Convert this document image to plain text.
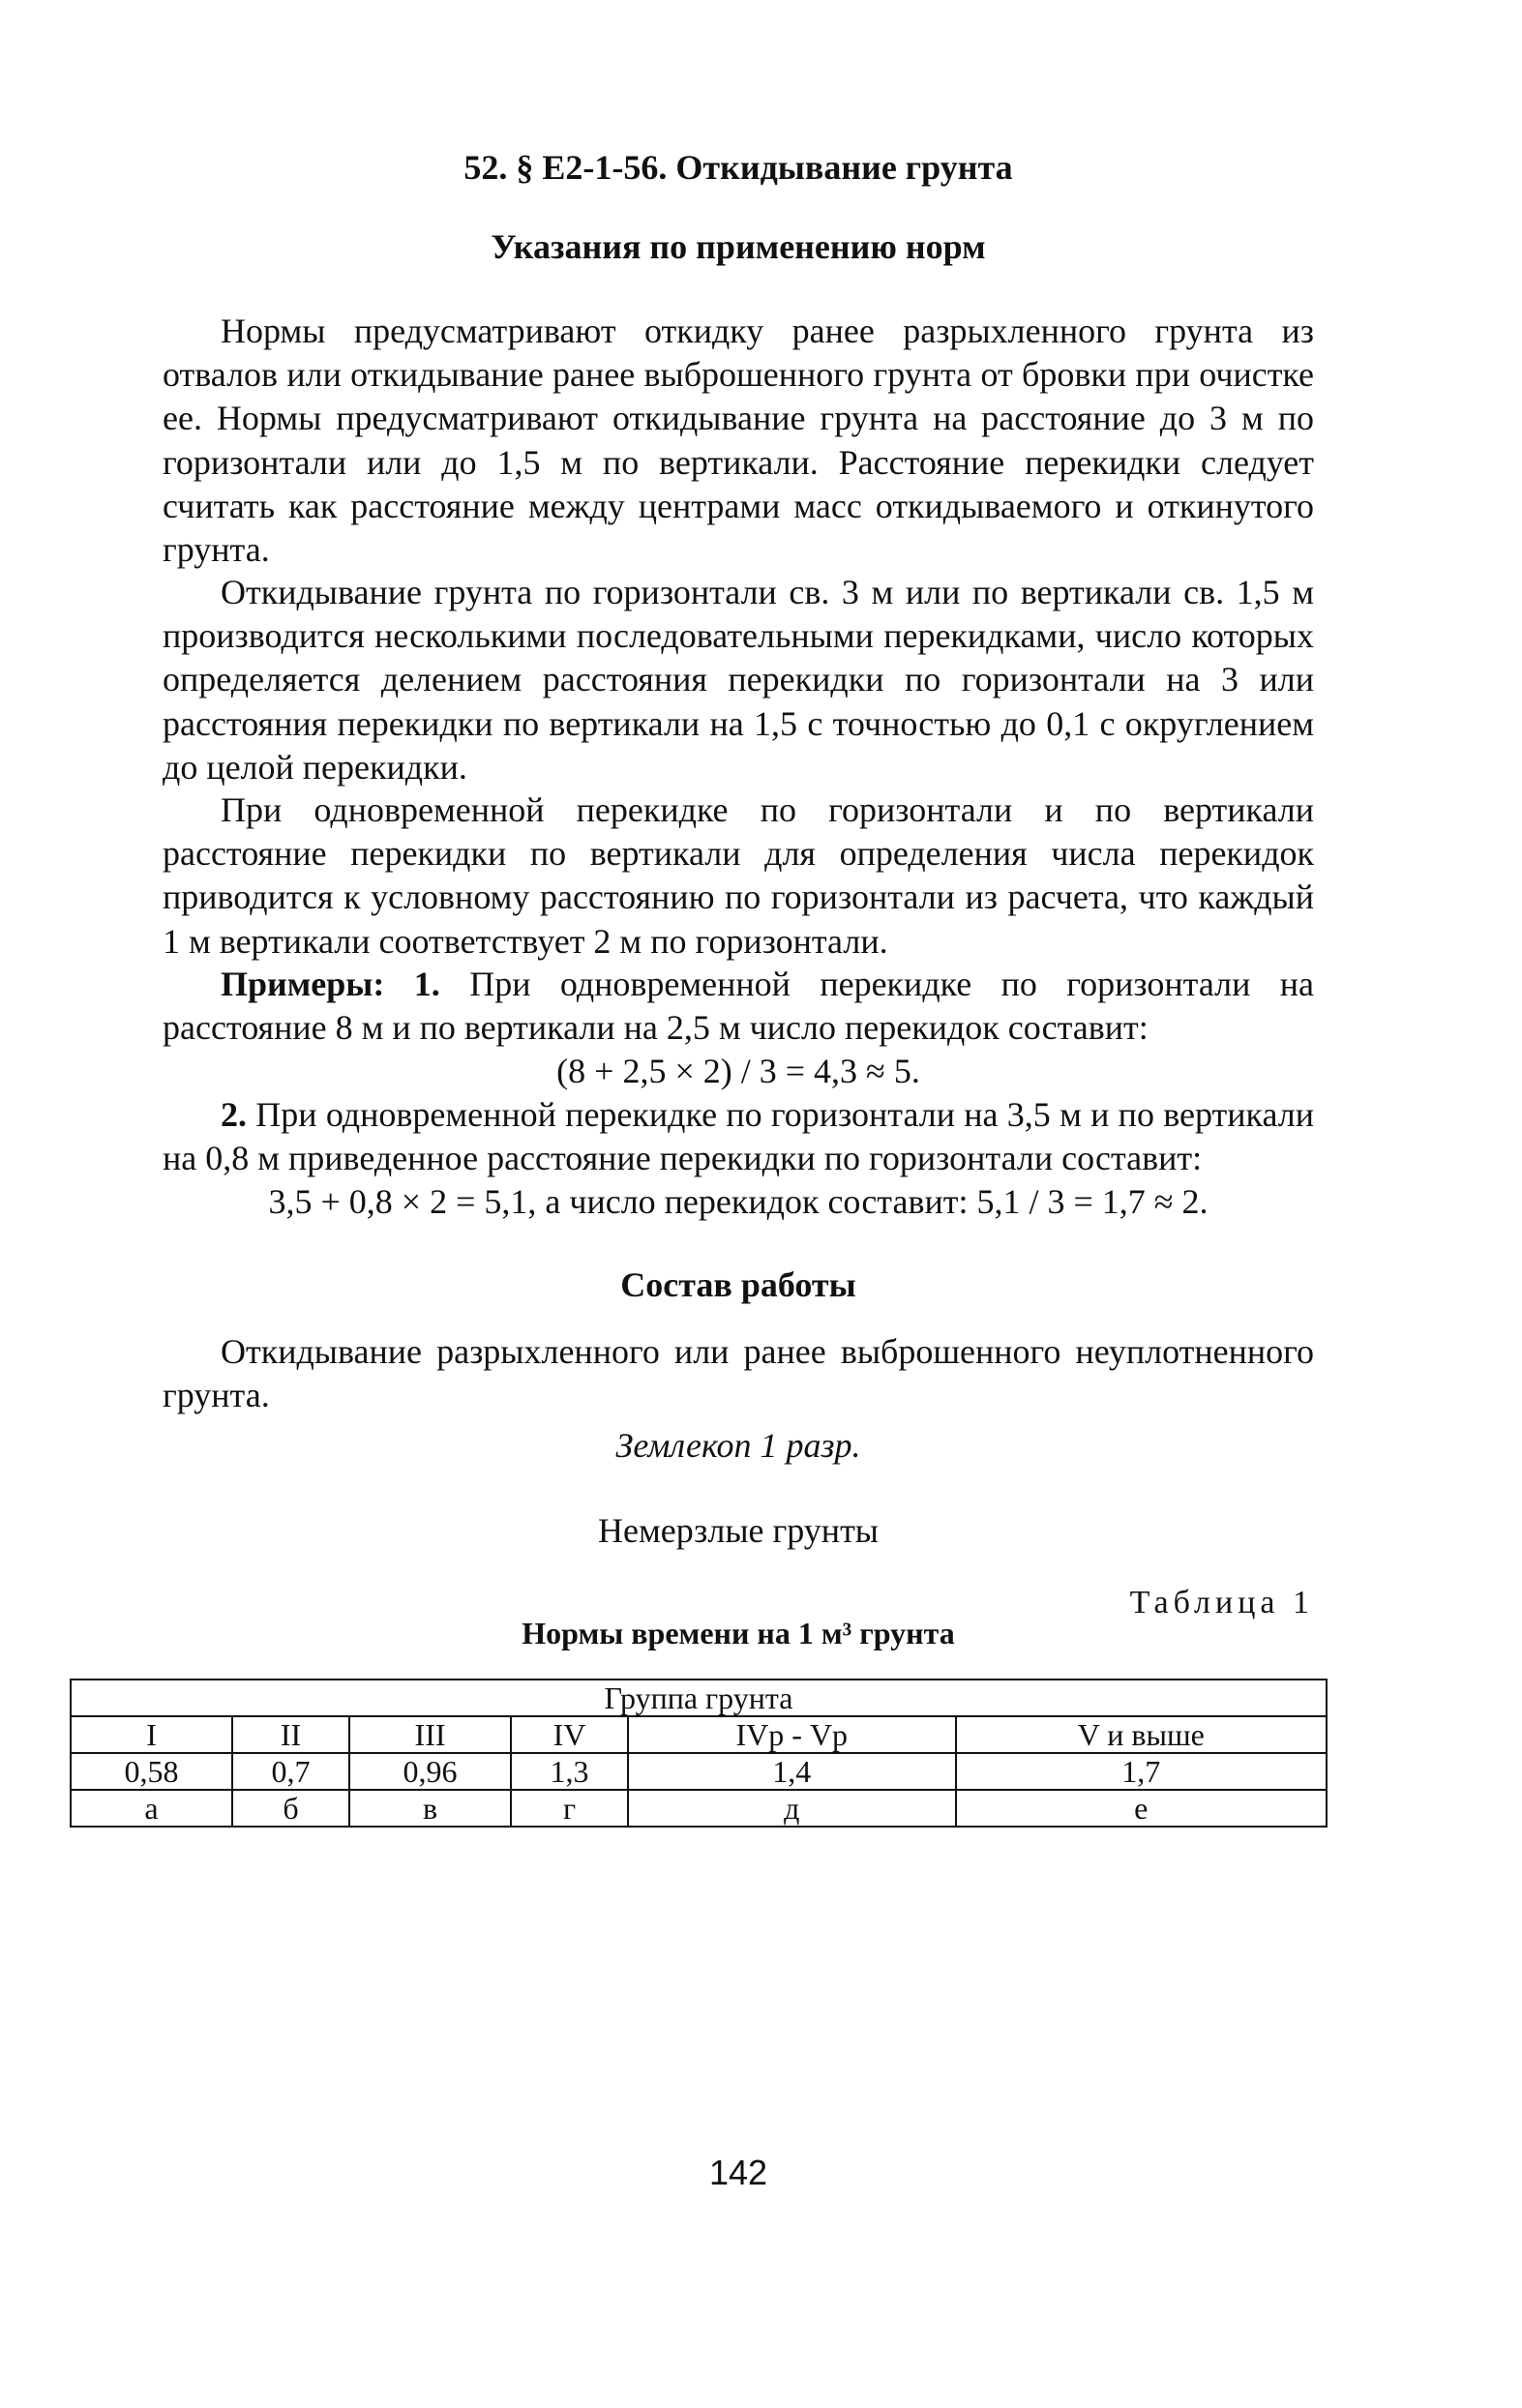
52. § Е2-1-56. Откидывание грунта
Указания по применению норм

Нормы предусматривают откидку ранее разрыхленного грунта из отвалов или откидывание ранее выброшенного грунта от бровки при очистке ее. Нормы предусматривают откидывание грунта на расстояние до 3 м по горизонтали или до 1,5 м по вертикали. Расстояние перекидки следует считать как расстояние между центрами масс откидываемого и откинутого грунта.

Откидывание грунта по горизонтали св. 3 м или по вертикали св. 1,5 м производится несколькими последовательными перекидками, число которых определяется делением расстояния перекидки по горизонтали на 3 или расстояния перекидки по вертикали на 1,5 с точностью до 0,1 с округлением до целой перекидки.

При одновременной перекидке по горизонтали и по вертикали расстояние перекидки по вертикали для определения числа перекидок приводится к условному расстоянию по горизонтали из расчета, что каждый 1 м вертикали соответствует 2 м по горизонтали.

Примеры: 1. При одновременной перекидке по горизонтали на расстояние 8 м и по вертикали на 2,5 м число перекидок составит:

(8 + 2,5 × 2) / 3 = 4,3 ≈ 5.

2. При одновременной перекидке по горизонтали на 3,5 м и по вертикали на 0,8 м приведенное расстояние перекидки по горизонтали составит:

3,5 + 0,8 × 2 = 5,1, а число перекидок составит: 5,1 / 3 = 1,7 ≈ 2.
Состав работы

Откидывание разрыхленного или ранее выброшенного неуплотненного грунта.

Землекоп 1 разр.
Немерзлые грунты
Таблица 1
Нормы времени на 1 м³ грунта
Группа грунта					
I	II	III	IV	IVр - Vр	V и выше
0,58	0,7	0,96	1,3	1,4	1,7
а	б	в	г	д	е
142
